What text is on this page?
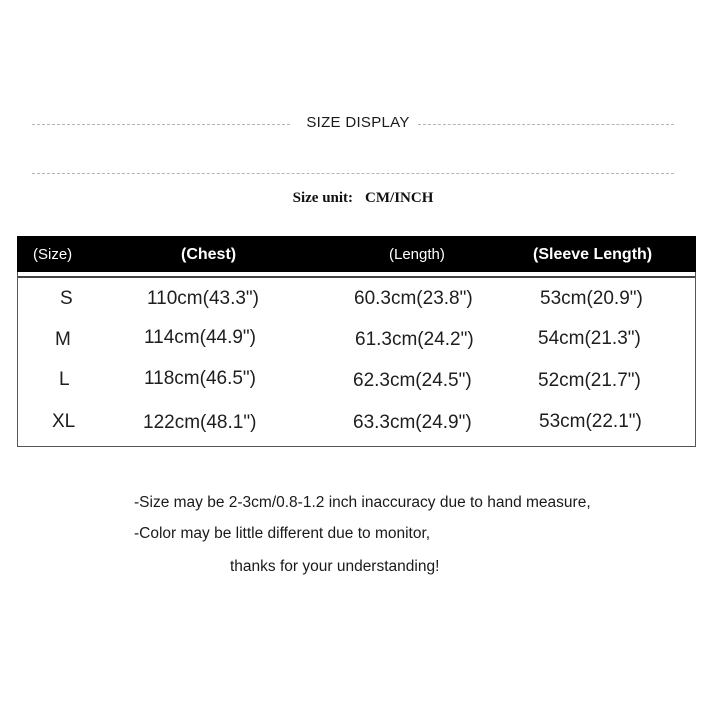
SIZE DISPLAY
Size unit: CM/INCH
(Size)	(Chest)	(Length)	(Sleeve Length)
S	110cm(43.3")	60.3cm(23.8")	53cm(20.9")
M	114cm(44.9")	61.3cm(24.2")	54cm(21.3")
L	118cm(46.5")	62.3cm(24.5")	52cm(21.7")
XL	122cm(48.1")	63.3cm(24.9")	53cm(22.1")
-Size may be 2-3cm/0.8-1.2 inch inaccuracy due to hand measure,
-Color may be little different due to monitor,
thanks for your understanding!
